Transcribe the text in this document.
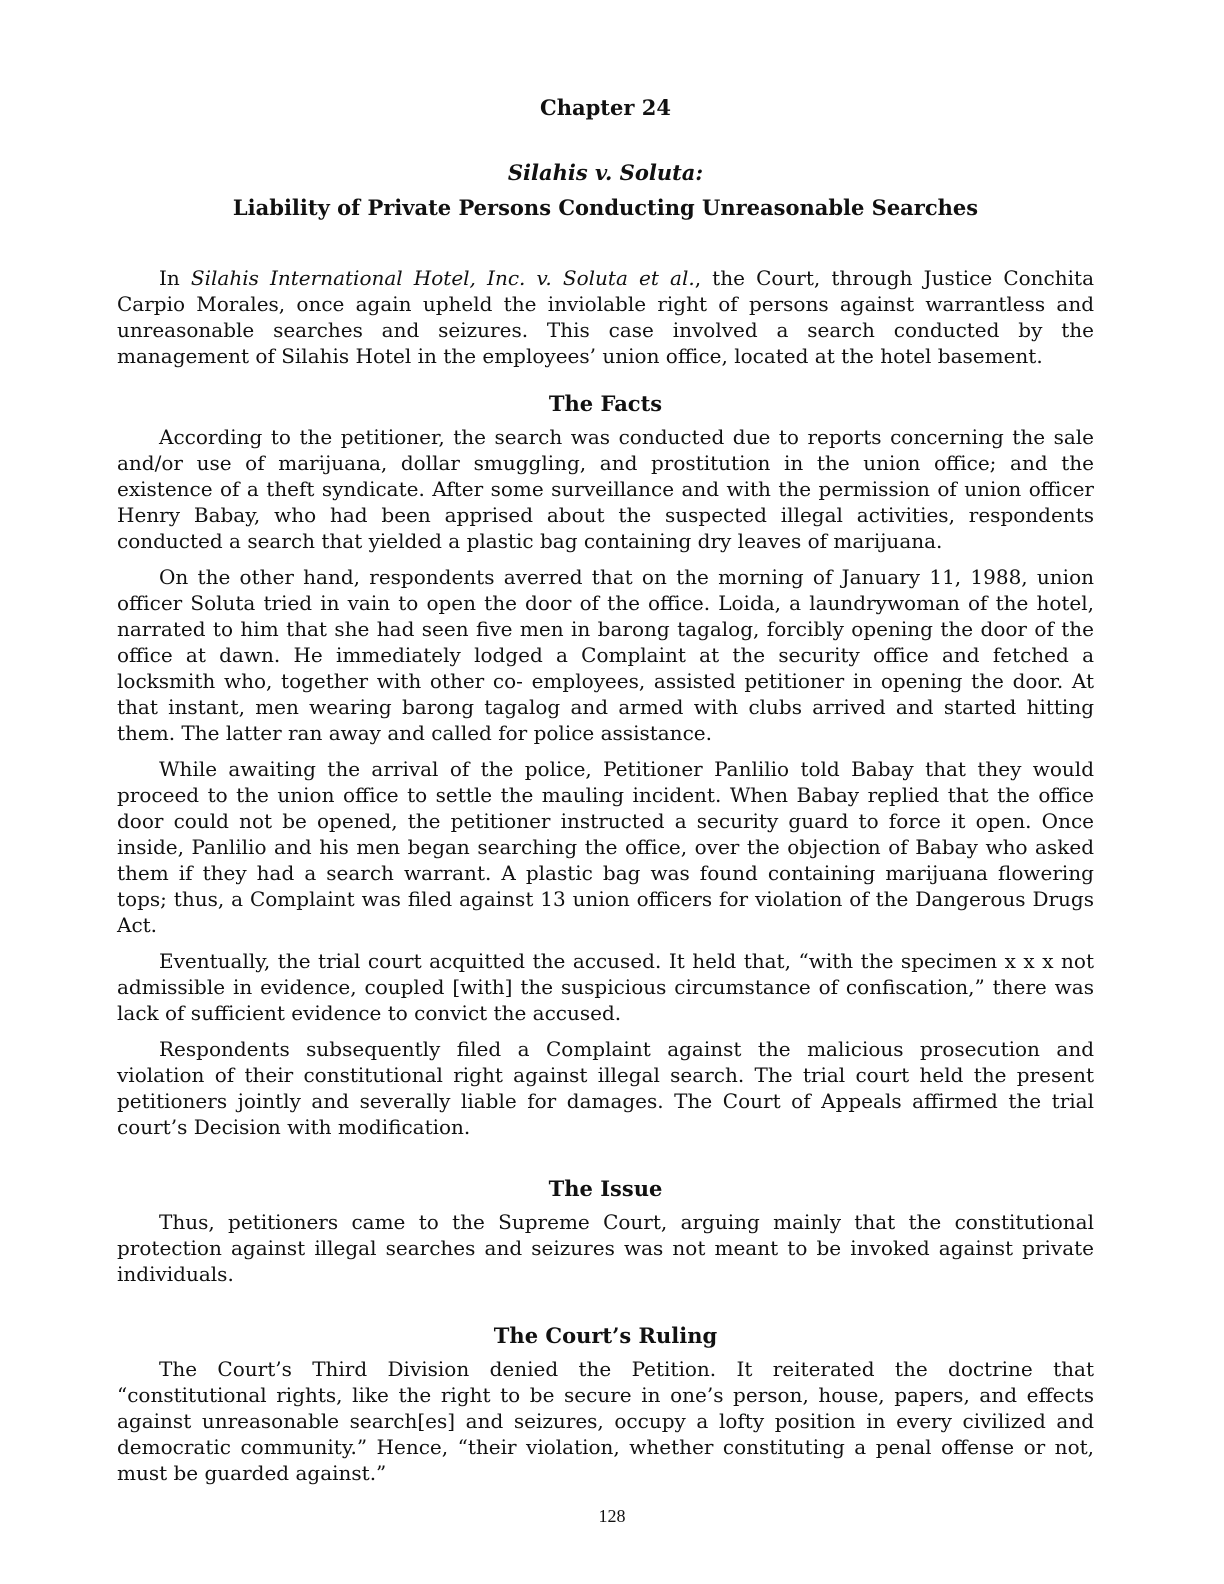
Chapter 24
Silahis v. Soluta:
Liability of Private Persons Conducting Unreasonable Searches

In Silahis International Hotel, Inc. v. Soluta et al., the Court, through Justice Conchita Carpio Morales, once again upheld the inviolable right of persons against warrantless and unreasonable searches and seizures. This case involved a search conducted by the management of Silahis Hotel in the employees’ union office, located at the hotel basement.

The Facts

According to the petitioner, the search was conducted due to reports concerning the sale and/or use of marijuana, dollar smuggling, and prostitution in the union office; and the existence of a theft syndicate. After some surveillance and with the permission of union officer Henry Babay, who had been apprised about the suspected illegal activities, respondents conducted a search that yielded a plastic bag containing dry leaves of marijuana.

On the other hand, respondents averred that on the morning of January 11, 1988, union officer Soluta tried in vain to open the door of the office. Loida, a laundrywoman of the hotel, narrated to him that she had seen five men in barong tagalog, forcibly opening the door of the office at dawn. He immediately lodged a Complaint at the security office and fetched a locksmith who, together with other co- employees, assisted petitioner in opening the door. At that instant, men wearing barong tagalog and armed with clubs arrived and started hitting them. The latter ran away and called for police assistance.

While awaiting the arrival of the police, Petitioner Panlilio told Babay that they would proceed to the union office to settle the mauling incident. When Babay replied that the office door could not be opened, the petitioner instructed a security guard to force it open. Once inside, Panlilio and his men began searching the office, over the objection of Babay who asked them if they had a search warrant. A plastic bag was found containing marijuana flowering tops; thus, a Complaint was filed against 13 union officers for violation of the Dangerous Drugs Act.

Eventually, the trial court acquitted the accused. It held that, “with the specimen x x x not admissible in evidence, coupled [with] the suspicious circumstance of confiscation,” there was lack of sufficient evidence to convict the accused.

Respondents subsequently filed a Complaint against the malicious prosecution and violation of their constitutional right against illegal search. The trial court held the present petitioners jointly and severally liable for damages. The Court of Appeals affirmed the trial court’s Decision with modification.

The Issue

Thus, petitioners came to the Supreme Court, arguing mainly that the constitutional protection against illegal searches and seizures was not meant to be invoked against private individuals.

The Court’s Ruling

The Court’s Third Division denied the Petition. It reiterated the doctrine that “constitutional rights, like the right to be secure in one’s person, house, papers, and effects against unreasonable search[es] and seizures, occupy a lofty position in every civilized and democratic community.” Hence, “their violation, whether constituting a penal offense or not, must be guarded against.”

128
